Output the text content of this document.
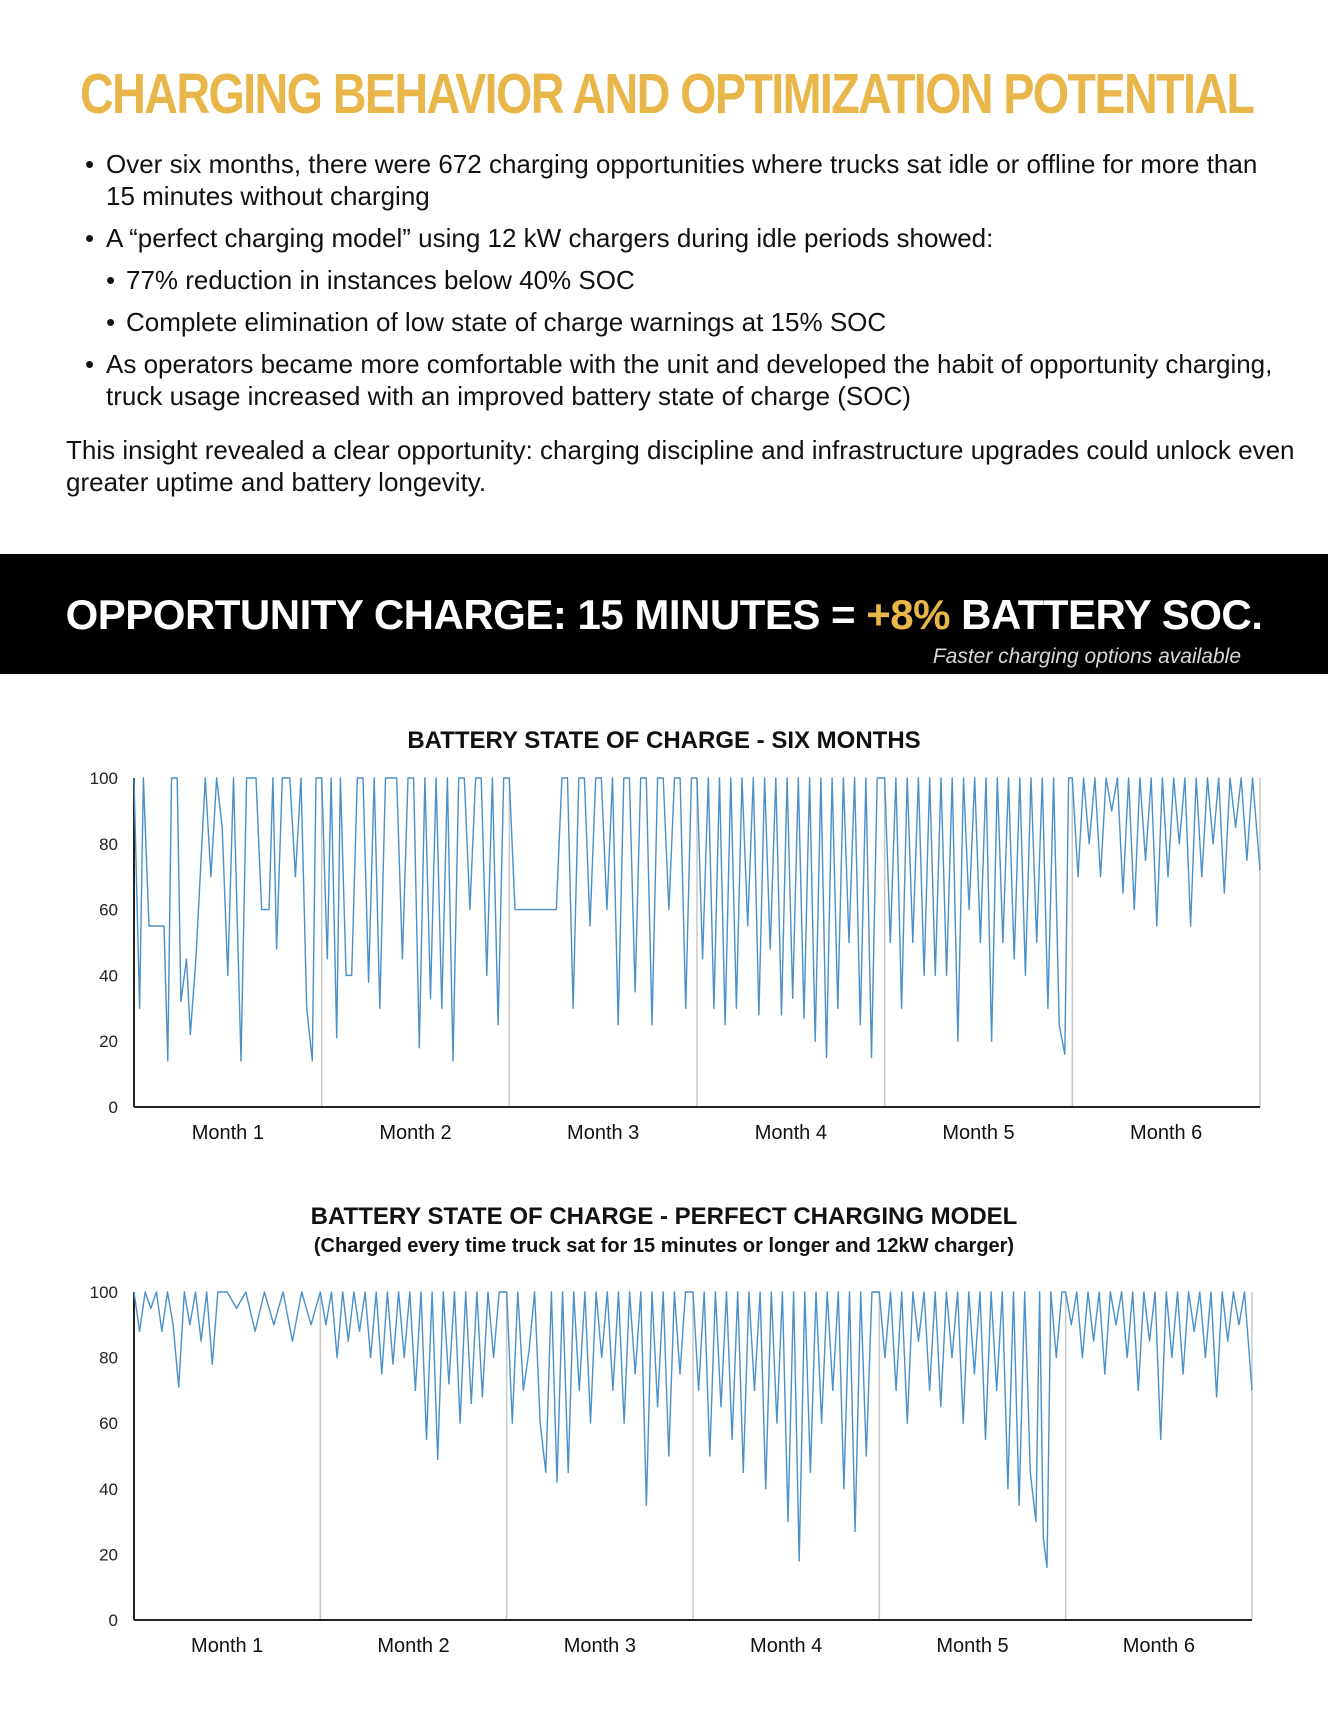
CHARGING BEHAVIOR AND OPTIMIZATION POTENTIAL
• Over six months, there were 672 charging opportunities where trucks sat idle or offline for more than 15 minutes without charging
• A “perfect charging model” using 12 kW chargers during idle periods showed:
• 77% reduction in instances below 40% SOC
• Complete elimination of low state of charge warnings at 15% SOC
• As operators became more comfortable with the unit and developed the habit of opportunity charging, truck usage increased with an improved battery state of charge (SOC)

This insight revealed a clear opportunity: charging discipline and infrastructure upgrades could unlock even greater uptime and battery longevity.

OPPORTUNITY CHARGE: 15 MINUTES = +8% BATTERY SOC.

Faster charging options available

BATTERY STATE OF CHARGE - SIX MONTHS

0
20
40
60
80
100
Month 1	Month 2	Month 3	Month 4	Month 5	Month 6

BATTERY STATE OF CHARGE - PERFECT CHARGING MODEL

(Charged every time truck sat for 15 minutes or longer and 12kW charger)

0
20
40
60
80
100
Month 1	Month 2	Month 3	Month 4	Month 5	Month 6
